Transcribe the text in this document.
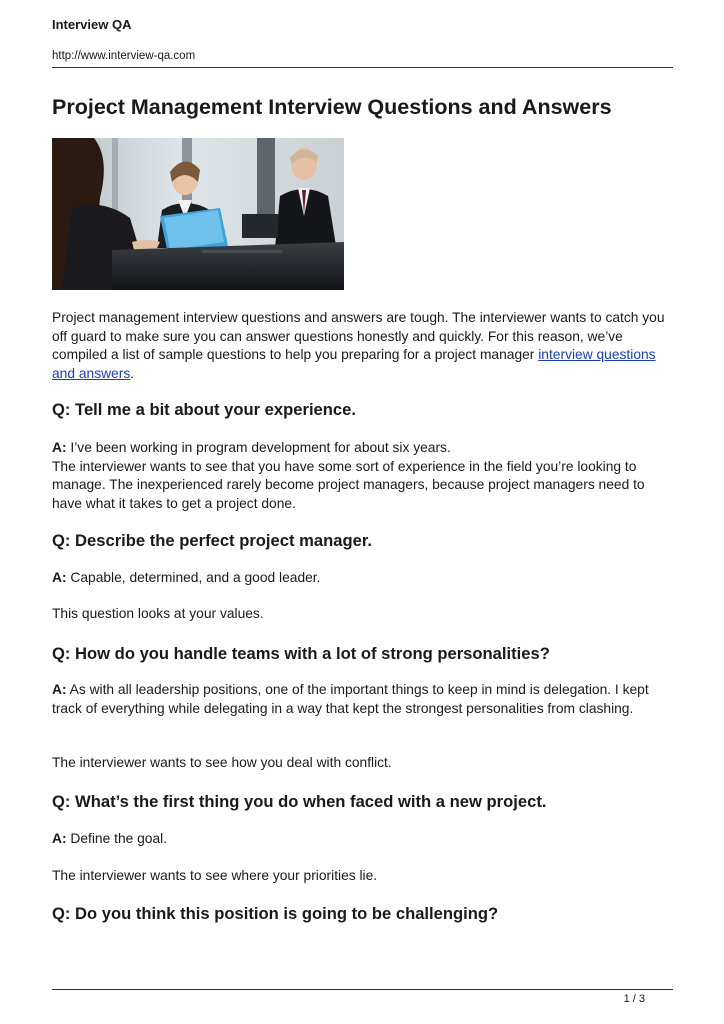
Interview QA
http://www.interview-qa.com
Project Management Interview Questions and Answers

Project management interview questions and answers are tough. The interviewer wants to catch you off guard to make sure you can answer questions honestly and quickly. For this reason, we’ve compiled a list of sample questions to help you preparing for a project manager interview questions and answers.

Q: Tell me a bit about your experience.

A: I’ve been working in program development for about six years.
The interviewer wants to see that you have some sort of experience in the field you’re looking to manage. The inexperienced rarely become project managers, because project managers need to have what it takes to get a project done.

Q: Describe the perfect project manager.

A: Capable, determined, and a good leader.

This question looks at your values.

Q: How do you handle teams with a lot of strong personalities?

A: As with all leadership positions, one of the important things to keep in mind is delegation. I kept track of everything while delegating in a way that kept the strongest personalities from clashing.

The interviewer wants to see how you deal with conflict.

Q: What’s the first thing you do when faced with a new project.

A: Define the goal.

The interviewer wants to see where your priorities lie.

Q: Do you think this position is going to be challenging?
1 / 3
